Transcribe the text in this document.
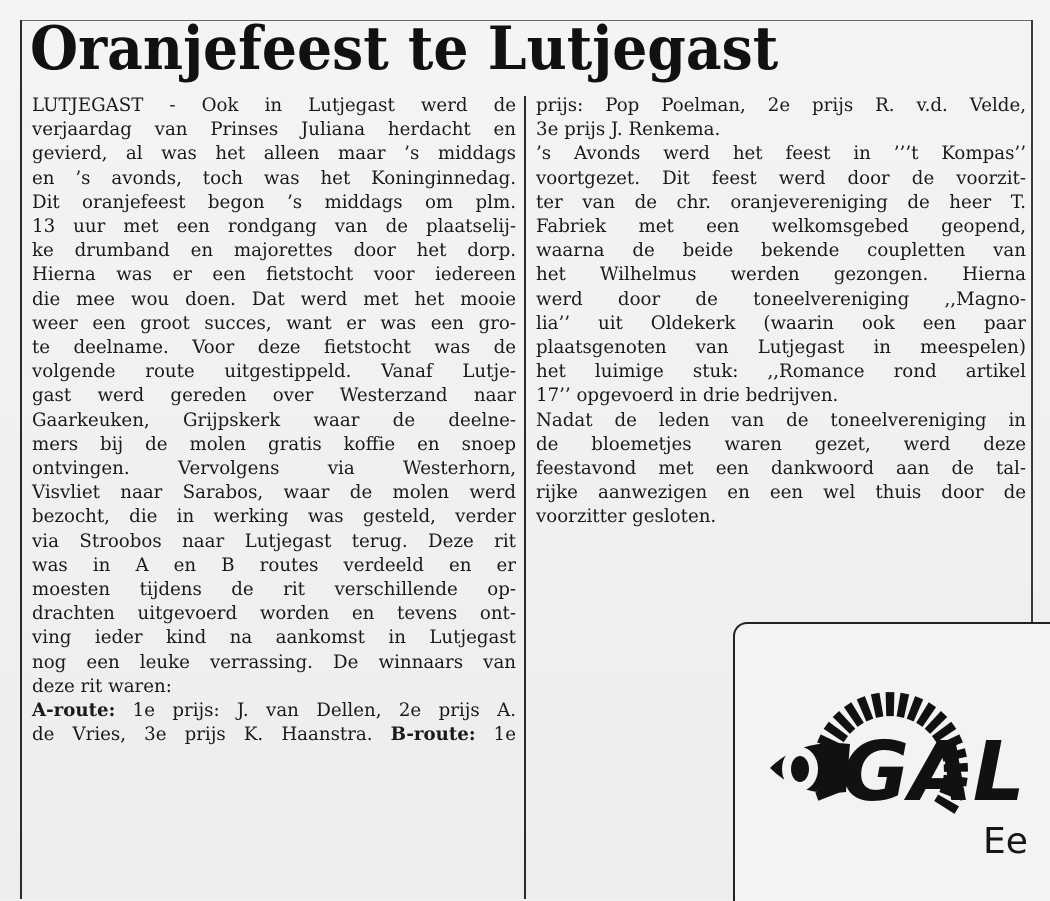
Oranjefeest te Lutjegast
LUTJEGAST - Ook in Lutjegast werd de
verjaardag van Prinses Juliana herdacht en
gevierd, al was het alleen maar ’s middags
en ’s avonds, toch was het Koninginnedag.
Dit oranjefeest begon ’s middags om plm.
13 uur met een rondgang van de plaatselij-
ke drumband en majorettes door het dorp.
Hierna was er een fietstocht voor iedereen
die mee wou doen. Dat werd met het mooie
weer een groot succes, want er was een gro-
te deelname. Voor deze fietstocht was de
volgende route uitgestippeld. Vanaf Lutje-
gast werd gereden over Westerzand naar
Gaarkeuken, Grijpskerk waar de deelne-
mers bij de molen gratis koffie en snoep
ontvingen. Vervolgens via Westerhorn,
Visvliet naar Sarabos, waar de molen werd
bezocht, die in werking was gesteld, verder
via Stroobos naar Lutjegast terug. Deze rit
was in A en B routes verdeeld en er
moesten tijdens de rit verschillende op-
drachten uitgevoerd worden en tevens ont-
ving ieder kind na aankomst in Lutjegast
nog een leuke verrassing. De winnaars van
deze rit waren:
A-route: 1e prijs: J. van Dellen, 2e prijs A.
de Vries, 3e prijs K. Haanstra. B-route: 1e
prijs: Pop Poelman, 2e prijs R. v.d. Velde,
3e prijs J. Renkema.
’s Avonds werd het feest in ’’’t Kompas’’
voortgezet. Dit feest werd door de voorzit-
ter van de chr. oranjevereniging de heer T.
Fabriek met een welkomsgebed geopend,
waarna de beide bekende coupletten van
het Wilhelmus werden gezongen. Hierna
werd door de toneelvereniging ,,Magno-
lia’’ uit Oldekerk (waarin ook een paar
plaatsgenoten van Lutjegast in meespelen)
het luimige stuk: ,,Romance rond artikel
17’’ opgevoerd in drie bedrijven.
Nadat de leden van de toneelvereniging in
de bloemetjes waren gezet, werd deze
feestavond met een dankwoord aan de tal-
rijke aanwezigen en een wel thuis door de
voorzitter gesloten.
GAL
Ee
